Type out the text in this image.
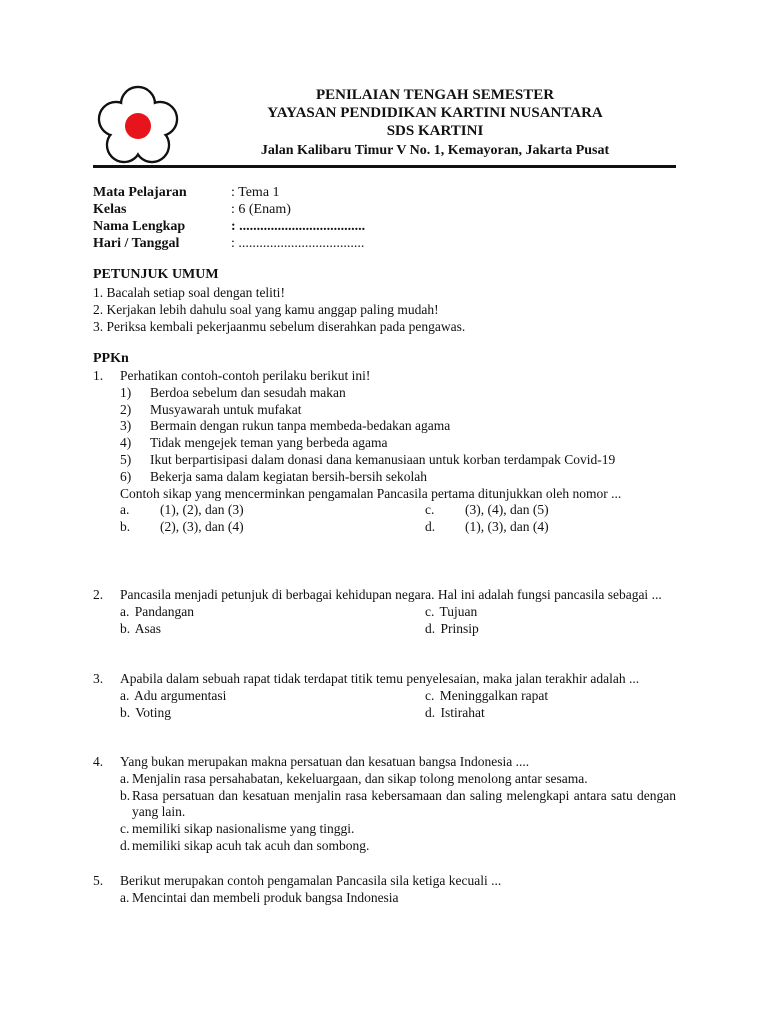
PENILAIAN TENGAH SEMESTER
YAYASAN PENDIDIKAN KARTINI NUSANTARA
SDS KARTINI
Jalan Kalibaru Timur V No. 1, Kemayoran, Jakarta Pusat
Mata Pelajaran	: Tema 1
Kelas	: 6 (Enam)
Nama Lengkap	: ....................................
Hari / Tanggal	: ....................................
PETUNJUK UMUM
1. Bacalah setiap soal dengan teliti!
2. Kerjakan lebih dahulu soal yang kamu anggap paling mudah!
3. Periksa kembali pekerjaanmu sebelum diserahkan pada pengawas.
PPKn
1. Perhatikan contoh-contoh perilaku berikut ini!
1) Berdoa sebelum dan sesudah makan
2) Musyawarah untuk mufakat
3) Bermain dengan rukun tanpa membeda-bedakan agama
4) Tidak mengejek teman yang berbeda agama
5) Ikut berpartisipasi dalam donasi dana kemanusiaan untuk korban terdampak Covid-19
6) Bekerja sama dalam kegiatan bersih-bersih sekolah
Contoh sikap yang mencerminkan pengamalan Pancasila pertama ditunjukkan oleh nomor ...
a. (1), (2), dan (3)	c. (3), (4), dan (5)
b. (2), (3), dan (4)	d. (1), (3), dan (4)
2. Pancasila menjadi petunjuk di berbagai kehidupan negara. Hal ini adalah fungsi pancasila sebagai ...
a. Pandangan	c. Tujuan
b. Asas	d. Prinsip
3. Apabila dalam sebuah rapat tidak terdapat titik temu penyelesaian, maka jalan terakhir adalah ...
a. Adu argumentasi	c. Meninggalkan rapat
b. Voting	d. Istirahat
4. Yang bukan merupakan makna persatuan dan kesatuan bangsa Indonesia ....
a. Menjalin rasa persahabatan, kekeluargaan, dan sikap tolong menolong antar sesama.
b. Rasa persatuan dan kesatuan menjalin rasa kebersamaan dan saling melengkapi antara satu dengan yang lain.
c. memiliki sikap nasionalisme yang tinggi.
d. memiliki sikap acuh tak acuh dan sombong.
5. Berikut merupakan contoh pengamalan Pancasila sila ketiga kecuali ...
a. Mencintai dan membeli produk bangsa Indonesia
